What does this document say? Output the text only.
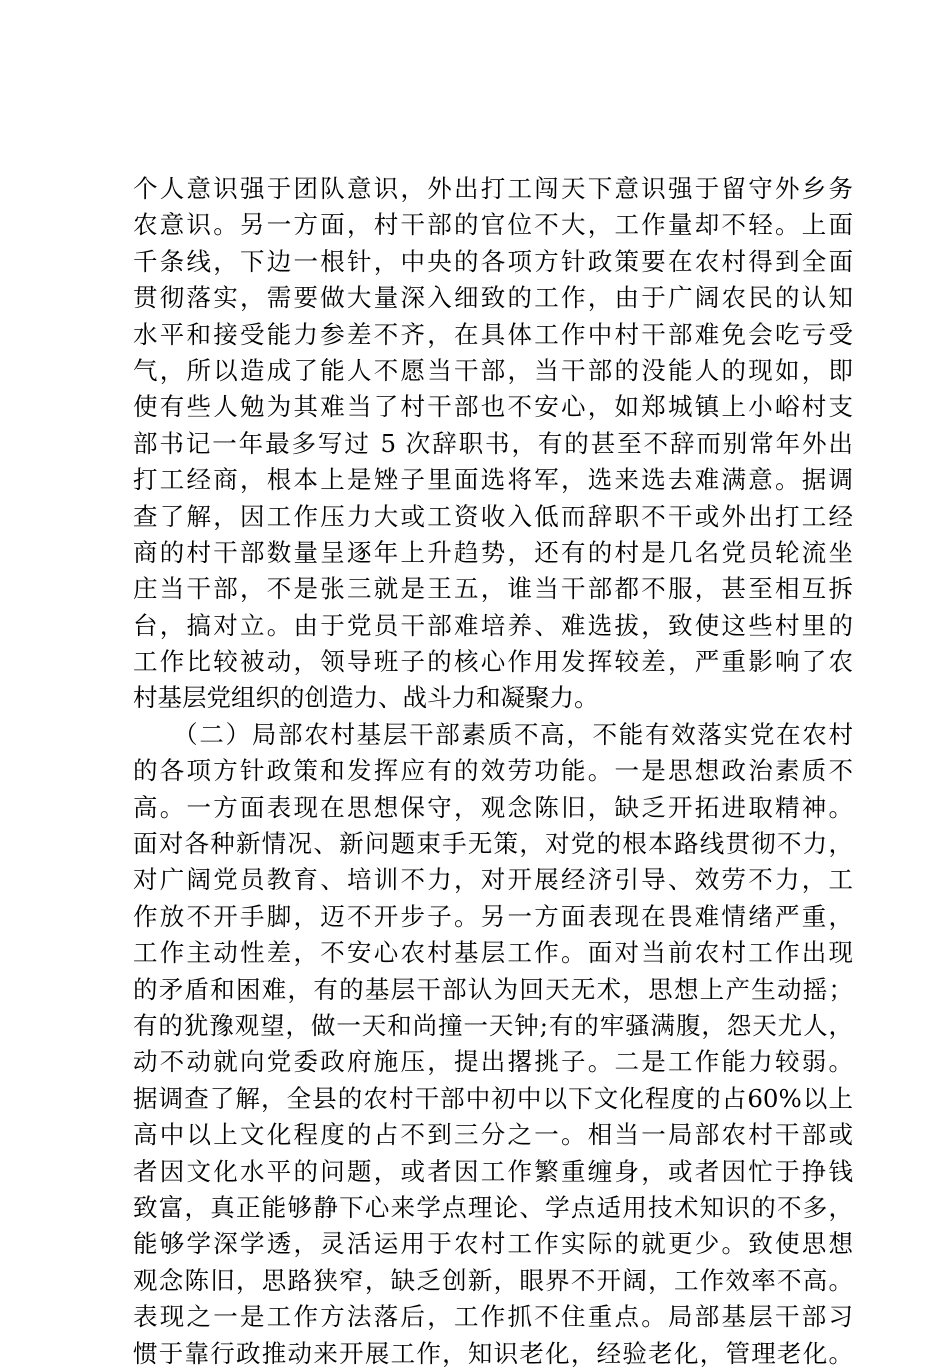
个人意识强于团队意识，外出打工闯天下意识强于留守外乡务
农意识。另一方面，村干部的官位不大，工作量却不轻。上面
千条线，下边一根针，中央的各项方针政策要在农村得到全面
贯彻落实，需要做大量深入细致的工作，由于广阔农民的认知
水平和接受能力参差不齐，在具体工作中村干部难免会吃亏受
气，所以造成了能人不愿当干部，当干部的没能人的现如，即
使有些人勉为其难当了村干部也不安心，如郑城镇上小峪村支
部书记一年最多写过 5 次辞职书，有的甚至不辞而别常年外出
打工经商，根本上是矬子里面选将军，选来选去难满意。据调
查了解，因工作压力大或工资收入低而辞职不干或外出打工经
商的村干部数量呈逐年上升趋势，还有的村是几名党员轮流坐
庄当干部，不是张三就是王五，谁当干部都不服，甚至相互拆
台，搞对立。由于党员干部难培养、难选拔，致使这些村里的
工作比较被动，领导班子的核心作用发挥较差，严重影响了农
村基层党组织的创造力、战斗力和凝聚力。
　　（二）局部农村基层干部素质不高，不能有效落实党在农村
的各项方针政策和发挥应有的效劳功能。一是思想政治素质不
高。一方面表现在思想保守，观念陈旧，缺乏开拓进取精神。
面对各种新情况、新问题束手无策，对党的根本路线贯彻不力，
对广阔党员教育、培训不力，对开展经济引导、效劳不力，工
作放不开手脚，迈不开步子。另一方面表现在畏难情绪严重，
工作主动性差，不安心农村基层工作。面对当前农村工作出现
的矛盾和困难，有的基层干部认为回天无术，思想上产生动摇；
有的犹豫观望，做一天和尚撞一天钟;有的牢骚满腹，怨天尤人，
动不动就向党委政府施压，提出撂挑子。二是工作能力较弱。
据调查了解，全县的农村干部中初中以下文化程度的占60%以上
高中以上文化程度的占不到三分之一。相当一局部农村干部或
者因文化水平的问题，或者因工作繁重缠身，或者因忙于挣钱
致富，真正能够静下心来学点理论、学点适用技术知识的不多，
能够学深学透，灵活运用于农村工作实际的就更少。致使思想
观念陈旧，思路狭窄，缺乏创新，眼界不开阔，工作效率不高。
表现之一是工作方法落后，工作抓不住重点。局部基层干部习
惯于靠行政推动来开展工作，知识老化，经验老化，管理老化。
